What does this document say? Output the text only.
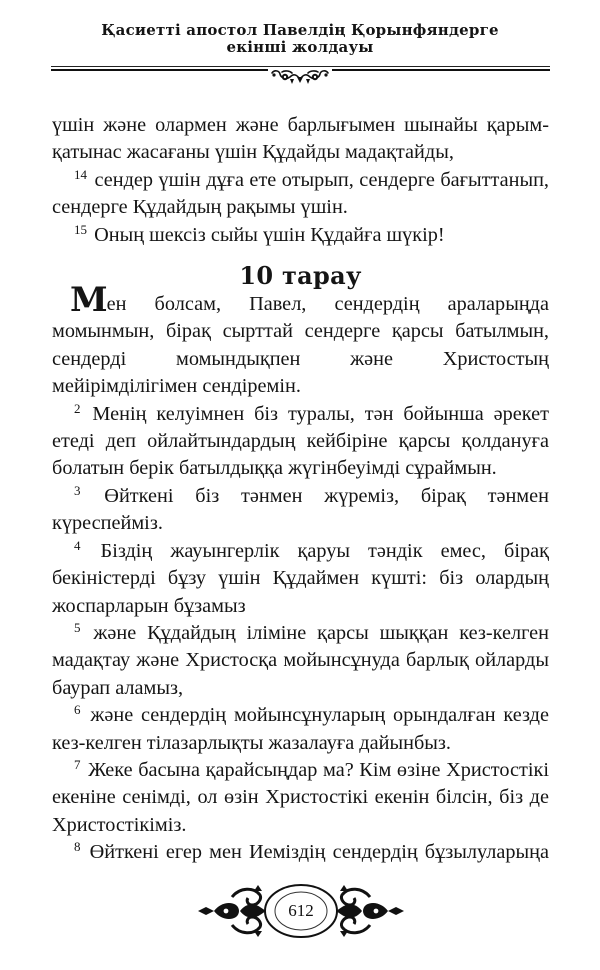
Қасиетті апостол Павелдің Қорынфяндерге
екінші жолдауы

үшін және олармен және барлығымен шынайы қарым-қатынас жасағаны үшін Құдайды мадақтайды,

$^{14}$ сендер үшін дұға ете отырып, сендерге бағыттанып, сендерге Құдайдың рақымы үшін.

$^{15}$ Оның шексіз сыйы үшін Құдайға шүкір!

10 тарау

Мен болсам, Павел, сендердің араларыңда момынмын, бірақ сырттай сендерге қарсы батылмын, сендерді момындықпен және Христостың мейірімділігімен сендіремін.

$^2$ Менің келуімнен біз туралы, тән бойынша әрекет етеді деп ойлайтындардың кейбіріне қарсы қолдануға болатын берік батылдыққа жүгінбеуімді сұраймын.

$^3$ Өйткені біз тәнмен жүреміз, бірақ тәнмен күреспейміз.

$^4$ Біздің жауынгерлік қаруы тәндік емес, бірақ бекіністерді бұзу үшін Құдаймен күшті: біз олардың жоспарларын бұзамыз

$^5$ және Құдайдың іліміне қарсы шыққан кез-келген мадақтау және Христосқа мойынсұнуда барлық ойларды баурап аламыз,

$^6$ және сендердің мойынсұнуларың орындалған кезде кез-келген тілазарлықты жазалауға дайынбыз.

$^7$ Жеке басына қарайсыңдар ма? Кім өзіне Христостікі екеніне сенімді, ол өзін Христостікі екенін білсін, біз де Христостікіміз.

$^8$ Өйткені егер мен Иеміздің сендердің бұзылуларыңа

612
